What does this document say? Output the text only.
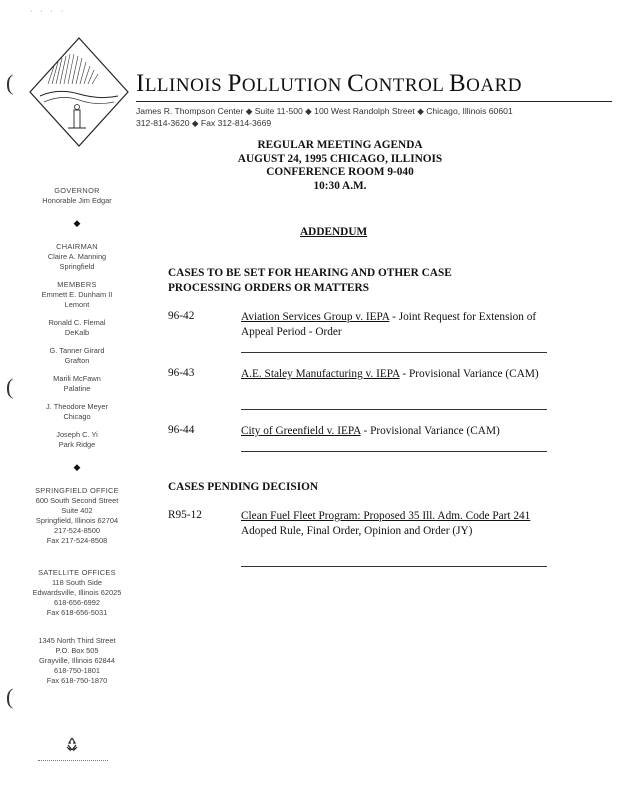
· · · ·
(
(
(
ILLINOIS POLLUTION CONTROL BOARD
James R. Thompson Center ◆ Suite 11-500 ◆ 100 West Randolph Street ◆ Chicago, Illinois 60601
312-814-3620 ◆ Fax 312-814-3669
GOVERNOR
Honorable Jim Edgar
◆
CHAIRMAN
Claire A. Manning
Springfield
MEMBERS
Emmett E. Dunham II
Lemont
Ronald C. Flemal
DeKalb
G. Tanner Girard
Grafton
Marili McFawn
Palatine
J. Theodore Meyer
Chicago
Joseph C. Yi
Park Ridge
◆
SPRINGFIELD OFFICE
600 South Second Street
Suite 402
Springfield, Illinois 62704
217-524-8500
Fax 217-524-8508
SATELLITE OFFICES
118 South Side
Edwardsville, Illinois 62025
618-656-6992
Fax 618-656-5031
1345 North Third Street
P.O. Box 505
Grayville, Illinois 62844
618-750-1801
Fax 618-750-1870
REGULAR MEETING AGENDA
AUGUST 24, 1995 CHICAGO, ILLINOIS
CONFERENCE ROOM 9-040
10:30 A.M.
ADDENDUM
CASES TO BE SET FOR HEARING AND OTHER CASE
PROCESSING ORDERS OR MATTERS
96-42	Aviation Services Group v. IEPA - Joint Request for Extension of Appeal Period - Order
96-43	A.E. Staley Manufacturing v. IEPA - Provisional Variance (CAM)
96-44	City of Greenfield v. IEPA - Provisional Variance (CAM)
CASES PENDING DECISION
R95-12	Clean Fuel Fleet Program: Proposed 35 Ill. Adm. Code Part 241 Adoped Rule, Final Order, Opinion and Order (JY)
